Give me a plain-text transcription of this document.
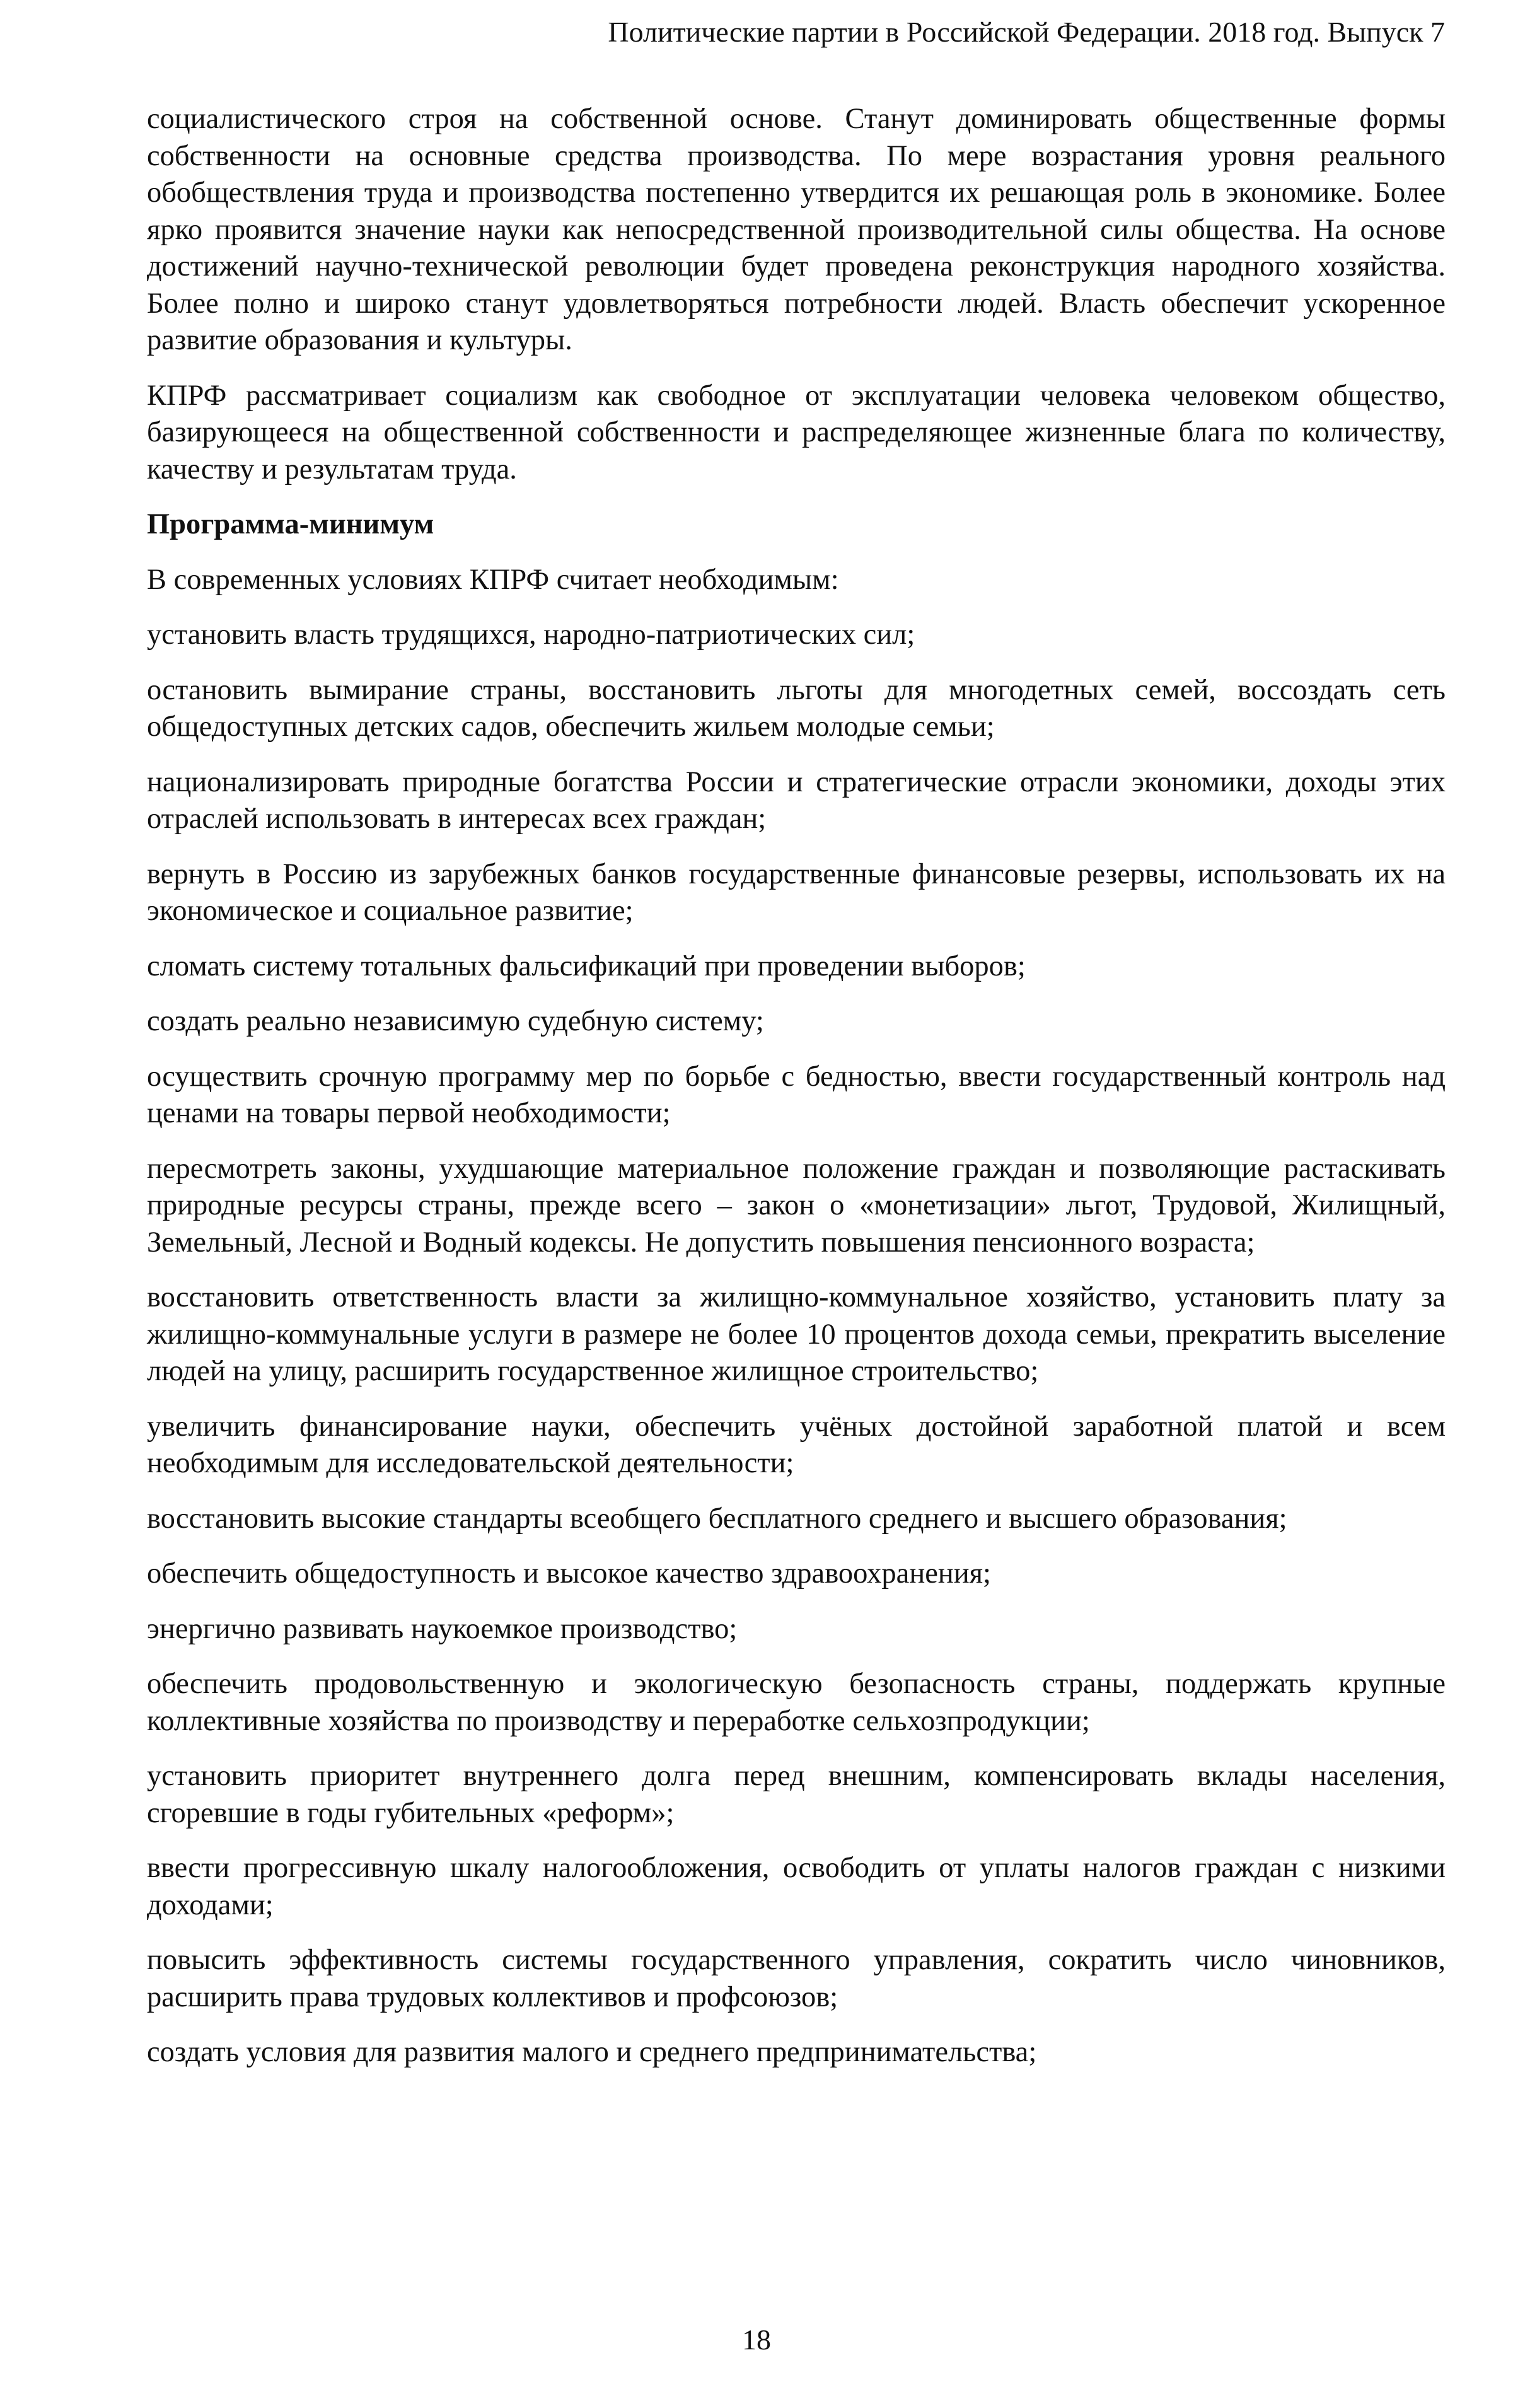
Политические партии в Российской Федерации. 2018 год. Выпуск 7

социалистического строя на собственной основе. Станут доминировать общественные формы собственности на основные средства производства. По мере возрастания уровня реального обобществления труда и производства постепенно утвердится их решающая роль в экономике. Более ярко проявится значение науки как непосредственной производительной силы общества. На основе достижений научно-технической революции будет проведена реконструкция народного хозяйства. Более полно и широко станут удовлетворяться потребности людей. Власть обеспечит ускоренное развитие образования и культуры.

КПРФ рассматривает социализм как свободное от эксплуатации человека человеком общество, базирующееся на общественной собственности и распределяющее жизненные блага по количеству, качеству и результатам труда.

Программа-минимум

В современных условиях КПРФ считает необходимым:

установить власть трудящихся, народно-патриотических сил;

остановить вымирание страны, восстановить льготы для многодетных семей, воссоздать сеть общедоступных детских садов, обеспечить жильем молодые семьи;

национализировать природные богатства России и стратегические отрасли экономики, доходы этих отраслей использовать в интересах всех граждан;

вернуть в Россию из зарубежных банков государственные финансовые резервы, использовать их на экономическое и социальное развитие;

сломать систему тотальных фальсификаций при проведении выборов;

создать реально независимую судебную систему;

осуществить срочную программу мер по борьбе с бедностью, ввести государственный контроль над ценами на товары первой необходимости;

пересмотреть законы, ухудшающие материальное положение граждан и позволяющие растаскивать природные ресурсы страны, прежде всего – закон о «монетизации» льгот, Трудовой, Жилищный, Земельный, Лесной и Водный кодексы. Не допустить повышения пенсионного возраста;

восстановить ответственность власти за жилищно-коммунальное хозяйство, установить плату за жилищно-коммунальные услуги в размере не более 10 процентов дохода семьи, прекратить выселение людей на улицу, расширить государственное жилищное строительство;

увеличить финансирование науки, обеспечить учёных достойной заработной платой и всем необходимым для исследовательской деятельности;

восстановить высокие стандарты всеобщего бесплатного среднего и высшего образования;

обеспечить общедоступность и высокое качество здравоохранения;

энергично развивать наукоемкое производство;

обеспечить продовольственную и экологическую безопасность страны, поддержать крупные коллективные хозяйства по производству и переработке сельхозпродукции;

установить приоритет внутреннего долга перед внешним, компенсировать вклады населения, сгоревшие в годы губительных «реформ»;

ввести прогрессивную шкалу налогообложения, освободить от уплаты налогов граждан с низкими доходами;

повысить эффективность системы государственного управления, сократить число чиновников, расширить права трудовых коллективов и профсоюзов;

создать условия для развития малого и среднего предпринимательства;

18
